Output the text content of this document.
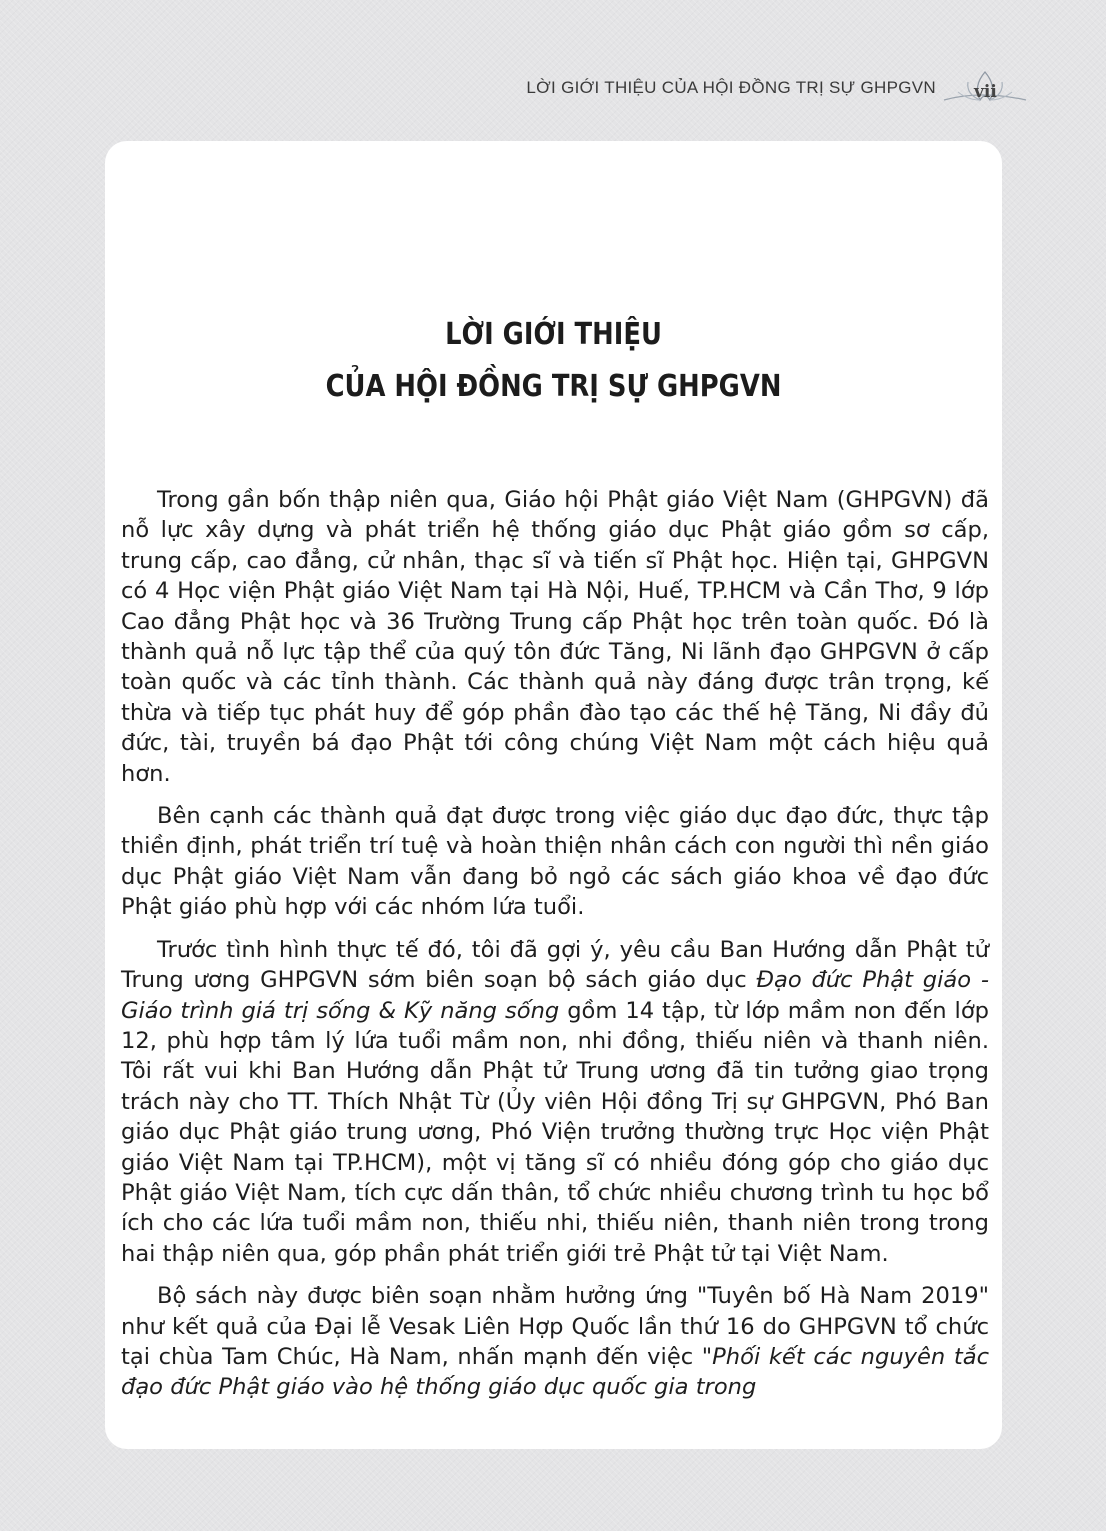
LỜI GIỚI THIỆU CỦA HỘI ĐỒNG TRỊ SỰ GHPGVN vii
LỜI GIỚI THIỆU
CỦA HỘI ĐỒNG TRỊ SỰ GHPGVN

Trong gần bốn thập niên qua, Giáo hội Phật giáo Việt Nam (GHPGVN) đã nỗ lực xây dựng và phát triển hệ thống giáo dục Phật giáo gồm sơ cấp, trung cấp, cao đẳng, cử nhân, thạc sĩ và tiến sĩ Phật học. Hiện tại, GHPGVN có 4 Học viện Phật giáo Việt Nam tại Hà Nội, Huế, TP.HCM và Cần Thơ, 9 lớp Cao đẳng Phật học và 36 Trường Trung cấp Phật học trên toàn quốc. Đó là thành quả nỗ lực tập thể của quý tôn đức Tăng, Ni lãnh đạo GHPGVN ở cấp toàn quốc và các tỉnh thành. Các thành quả này đáng được trân trọng, kế thừa và tiếp tục phát huy để góp phần đào tạo các thế hệ Tăng, Ni đầy đủ đức, tài, truyền bá đạo Phật tới công chúng Việt Nam một cách hiệu quả hơn.

Bên cạnh các thành quả đạt được trong việc giáo dục đạo đức, thực tập thiền định, phát triển trí tuệ và hoàn thiện nhân cách con người thì nền giáo dục Phật giáo Việt Nam vẫn đang bỏ ngỏ các sách giáo khoa về đạo đức Phật giáo phù hợp với các nhóm lứa tuổi.

Trước tình hình thực tế đó, tôi đã gợi ý, yêu cầu Ban Hướng dẫn Phật tử Trung ương GHPGVN sớm biên soạn bộ sách giáo dục Đạo đức Phật giáo - Giáo trình giá trị sống & Kỹ năng sống gồm 14 tập, từ lớp mầm non đến lớp 12, phù hợp tâm lý lứa tuổi mầm non, nhi đồng, thiếu niên và thanh niên. Tôi rất vui khi Ban Hướng dẫn Phật tử Trung ương đã tin tưởng giao trọng trách này cho TT. Thích Nhật Từ (Ủy viên Hội đồng Trị sự GHPGVN, Phó Ban giáo dục Phật giáo trung ương, Phó Viện trưởng thường trực Học viện Phật giáo Việt Nam tại TP.HCM), một vị tăng sĩ có nhiều đóng góp cho giáo dục Phật giáo Việt Nam, tích cực dấn thân, tổ chức nhiều chương trình tu học bổ ích cho các lứa tuổi mầm non, thiếu nhi, thiếu niên, thanh niên trong trong hai thập niên qua, góp phần phát triển giới trẻ Phật tử tại Việt Nam.

Bộ sách này được biên soạn nhằm hưởng ứng "Tuyên bố Hà Nam 2019" như kết quả của Đại lễ Vesak Liên Hợp Quốc lần thứ 16 do GHPGVN tổ chức tại chùa Tam Chúc, Hà Nam, nhấn mạnh đến việc "Phối kết các nguyên tắc đạo đức Phật giáo vào hệ thống giáo dục quốc gia trong
